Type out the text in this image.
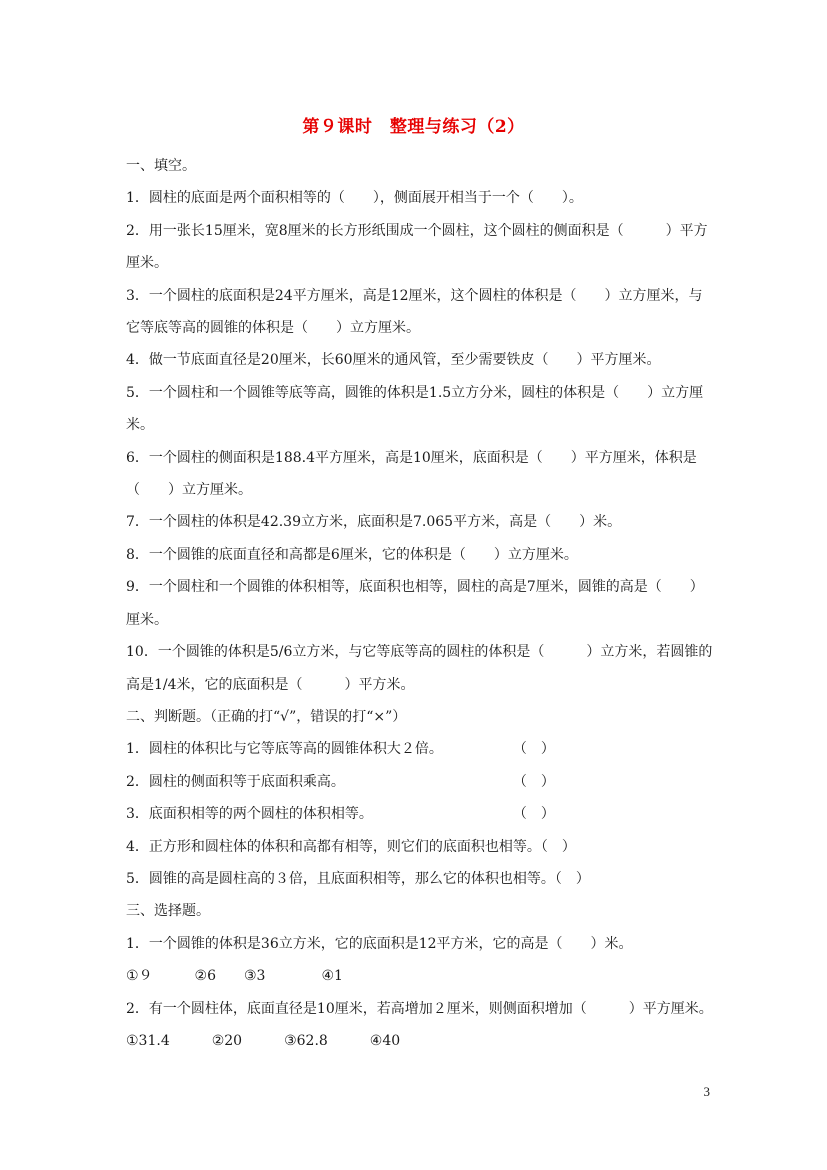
第９课时　整理与练习（2）

一、填空。

1．圆柱的底面是两个面积相等的（　　），侧面展开相当于一个（　　）。

2．用一张长15厘米，宽8厘米的长方形纸围成一个圆柱，这个圆柱的侧面积是（　　　）平方厘米。

3．一个圆柱的底面积是24平方厘米，高是12厘米，这个圆柱的体积是（　　）立方厘米，与它等底等高的圆锥的体积是（　　）立方厘米。

4．做一节底面直径是20厘米，长60厘米的通风管，至少需要铁皮（　　）平方厘米。

5．一个圆柱和一个圆锥等底等高，圆锥的体积是1.5立方分米，圆柱的体积是（　　）立方厘米。

6．一个圆柱的侧面积是188.4平方厘米，高是10厘米，底面积是（　　）平方厘米，体积是（　　）立方厘米。

7．一个圆柱的体积是42.39立方米，底面积是7.065平方米，高是（　　）米。

8．一个圆锥的底面直径和高都是6厘米，它的体积是（　　）立方厘米。

9．一个圆柱和一个圆锥的体积相等，底面积也相等，圆柱的高是7厘米，圆锥的高是（　　）厘米。

10．一个圆锥的体积是5/6立方米，与它等底等高的圆柱的体积是（　　　）立方米，若圆锥的高是1/4米，它的底面积是（　　　）平方米。

二、判断题。（正确的打“√”，错误的打“×”）

1．圆柱的体积比与它等底等高的圆锥体积大２倍。　　　　　　（　）

2．圆柱的侧面积等于底面积乘高。　　　　　　　　　　　　　（　）

3．底面积相等的两个圆柱的体积相等。　　　　　　　　　　　（　）

4．正方形和圆柱体的体积和高都有相等，则它们的底面积也相等。（　）

5．圆锥的高是圆柱高的３倍，且底面积相等，那么它的体积也相等。（　）

三、选择题。

1．一个圆锥的体积是36立方米，它的底面积是12平方米，它的高是（　　）米。

①９　　　②6　　③3　　　　④1

2．有一个圆柱体，底面直径是10厘米，若高增加２厘米，则侧面积增加（　　　）平方厘米。

①31.4　　　②20　　　③62.8　　　④40

3
